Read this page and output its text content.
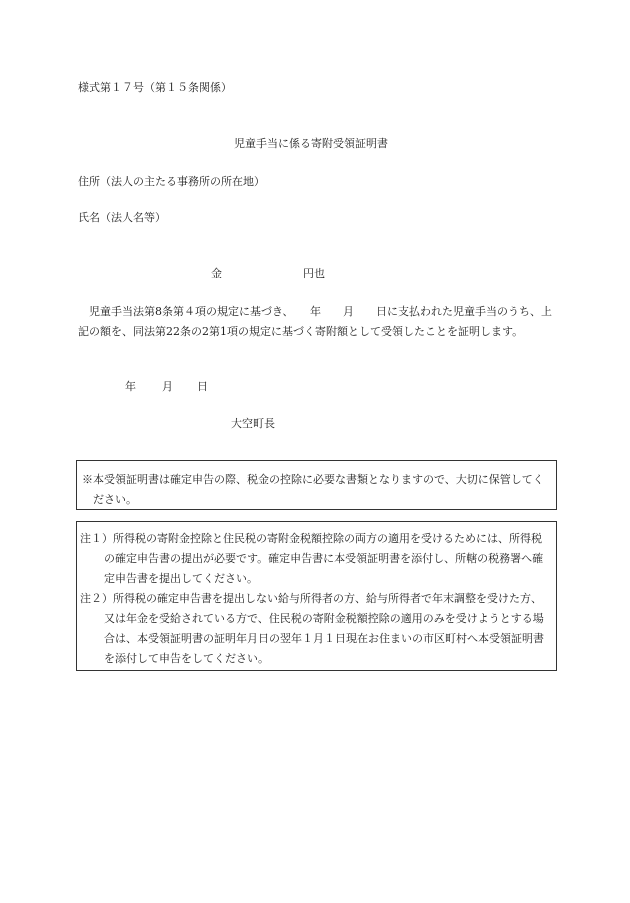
様式第１７号（第１５条関係）
児童手当に係る寄附受領証明書
住所（法人の主たる事務所の所在地）
氏名（法人名等）
金	円也
児童手当法第8条第４項の規定に基づき、　　年　　月　　日に支払われた児童手当のうち、上記の額を、同法第22条の2第1項の規定に基づく寄附額として受領したことを証明します。
年 月 日
大空町長
※本受領証明書は確定申告の際、税金の控除に必要な書類となりますので、大切に保管してください。
注１）所得税の寄附金控除と住民税の寄附金税額控除の両方の適用を受けるためには、所得税の確定申告書の提出が必要です。確定申告書に本受領証明書を添付し、所轄の税務署へ確定申告書を提出してください。
注２）所得税の確定申告書を提出しない給与所得者の方、給与所得者で年末調整を受けた方、又は年金を受給されている方で、住民税の寄附金税額控除の適用のみを受けようとする場合は、本受領証明書の証明年月日の翌年１月１日現在お住まいの市区町村へ本受領証明書を添付して申告をしてください。
